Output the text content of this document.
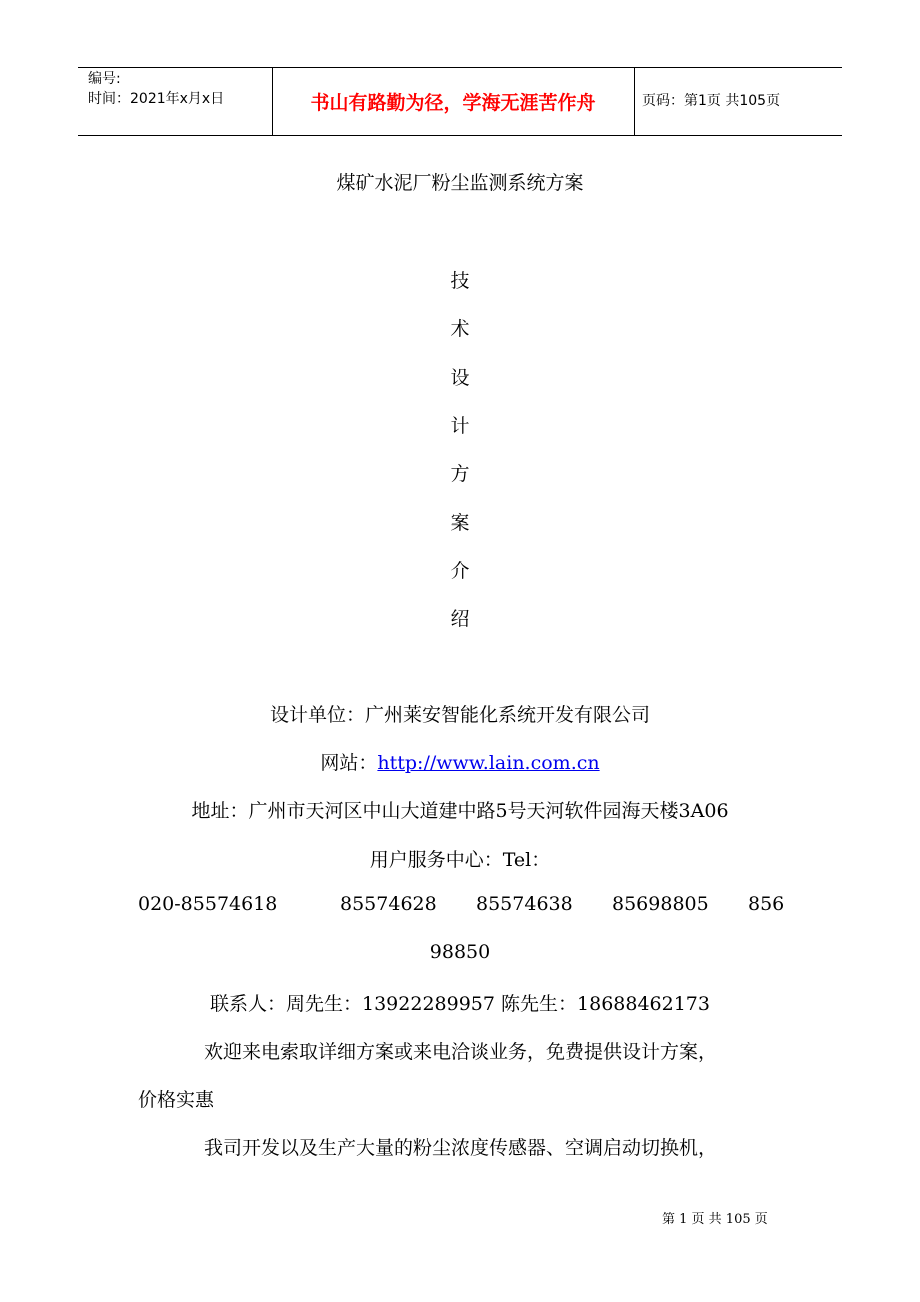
编号:
时间：2021年x月x日	书山有路勤为径，学海无涯苦作舟	页码：第1页 共105页
煤矿水泥厂粉尘监测系统方案
技
术
设
计
方
案
介
绍
设计单位：广州莱安智能化系统开发有限公司
网站：http://www.lain.com.cn
地址：广州市天河区中山大道建中路5号天河软件园海天楼3A06
用户服务中心：Tel：
020-85574618	85574628 85574638 85698805 856
98850
联系人：周先生：13922289957 陈先生：18688462173
欢迎来电索取详细方案或来电洽谈业务，免费提供设计方案，
价格实惠
我司开发以及生产大量的粉尘浓度传感器、空调启动切换机，
第 1 页 共 105 页
